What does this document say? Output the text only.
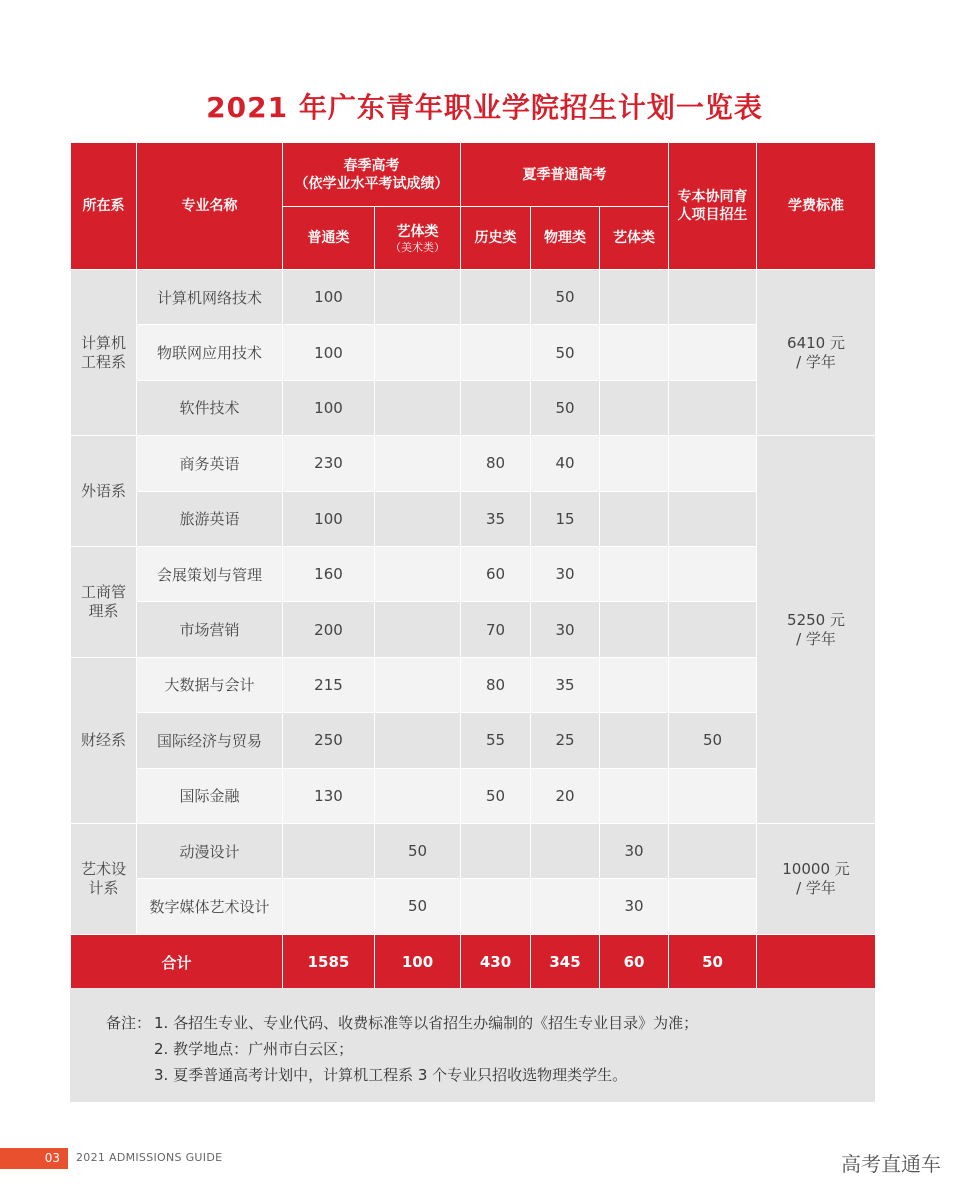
2021 年广东青年职业学院招生计划一览表
所在系	专业名称	春季高考
（依学业水平考试成绩）		夏季普通高考			专本协同育人项目招生	学费标准
		普通类	艺体类
（美术类）	历史类	物理类	艺体类		
计算机工程系	计算机网络技术	100			50			6410 元
/ 学年
	物联网应用技术	100			50			
	软件技术	100			50			
外语系	商务英语	230		80	40			5250 元
/ 学年
	旅游英语	100		35	15			
工商管理系	会展策划与管理	160		60	30			
	市场营销	200		70	30			
财经系	大数据与会计	215		80	35			
	国际经济与贸易	250		55	25		50	
	国际金融	130		50	20			
艺术设计系	动漫设计		50			30		10000 元
/ 学年
	数字媒体艺术设计		50			30		
合计		1585	100	430	345	60	50	
备注： 1. 各招生专业、专业代码、收费标准等以省招生办编制的《招生专业目录》为准；
2. 教学地点：广州市白云区；
3. 夏季普通高考计划中，计算机工程系 3 个专业只招收选物理类学生。
03	2021 ADMISSIONS GUIDE	高考直通车
